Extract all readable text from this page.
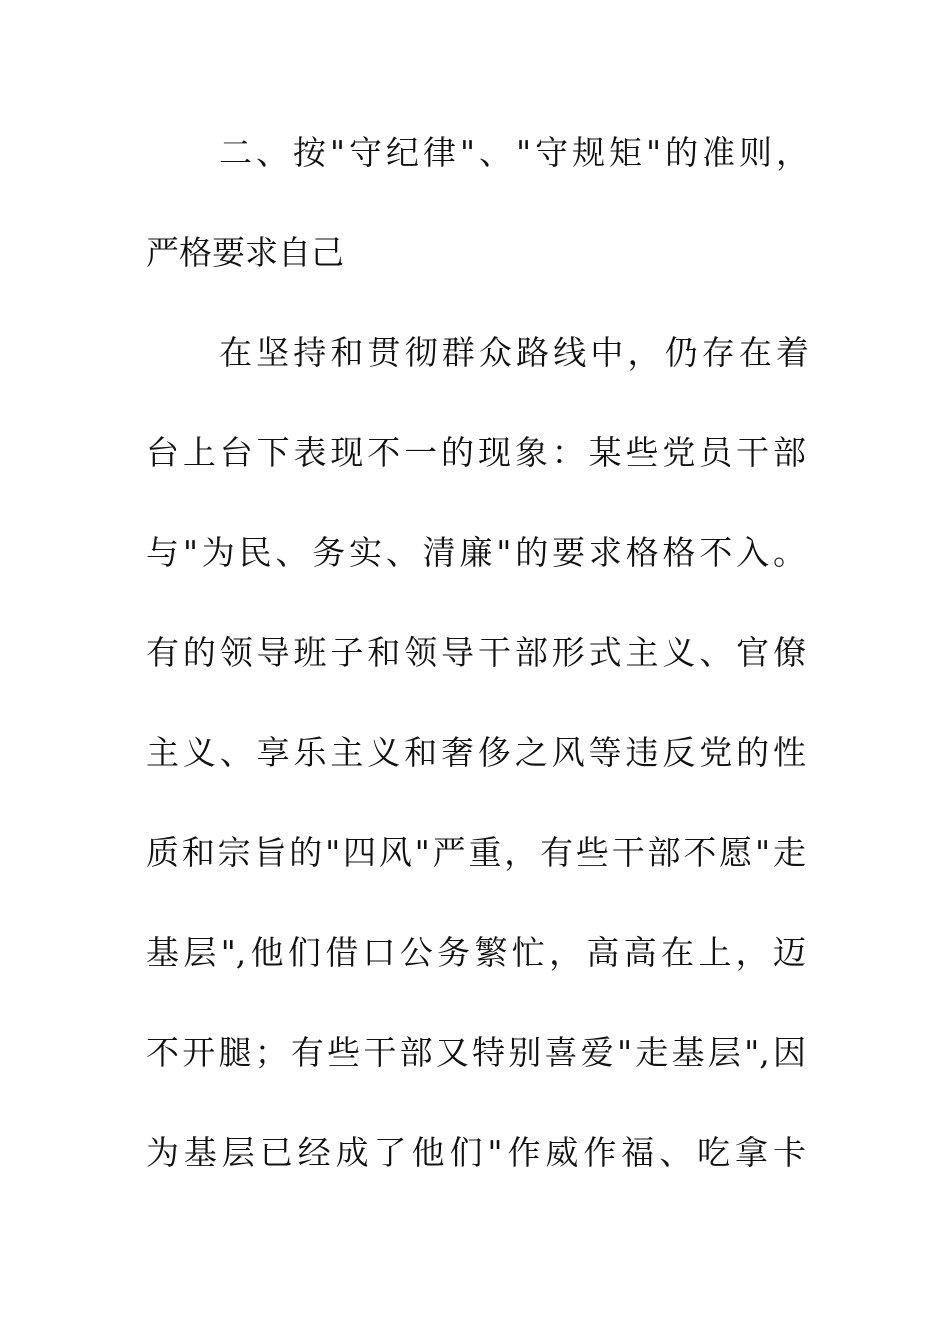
二、按"守纪律"、"守规矩"的准则，
严格要求自己
在坚持和贯彻群众路线中，仍存在着
台上台下表现不一的现象：某些党员干部
与"为民、务实、清廉"的要求格格不入。
有的领导班子和领导干部形式主义、官僚
主义、享乐主义和奢侈之风等违反党的性
质和宗旨的"四风"严重，有些干部不愿"走
基层",他们借口公务繁忙，高高在上，迈
不开腿；有些干部又特别喜爱"走基层",因
为基层已经成了他们"作威作福、吃拿卡
